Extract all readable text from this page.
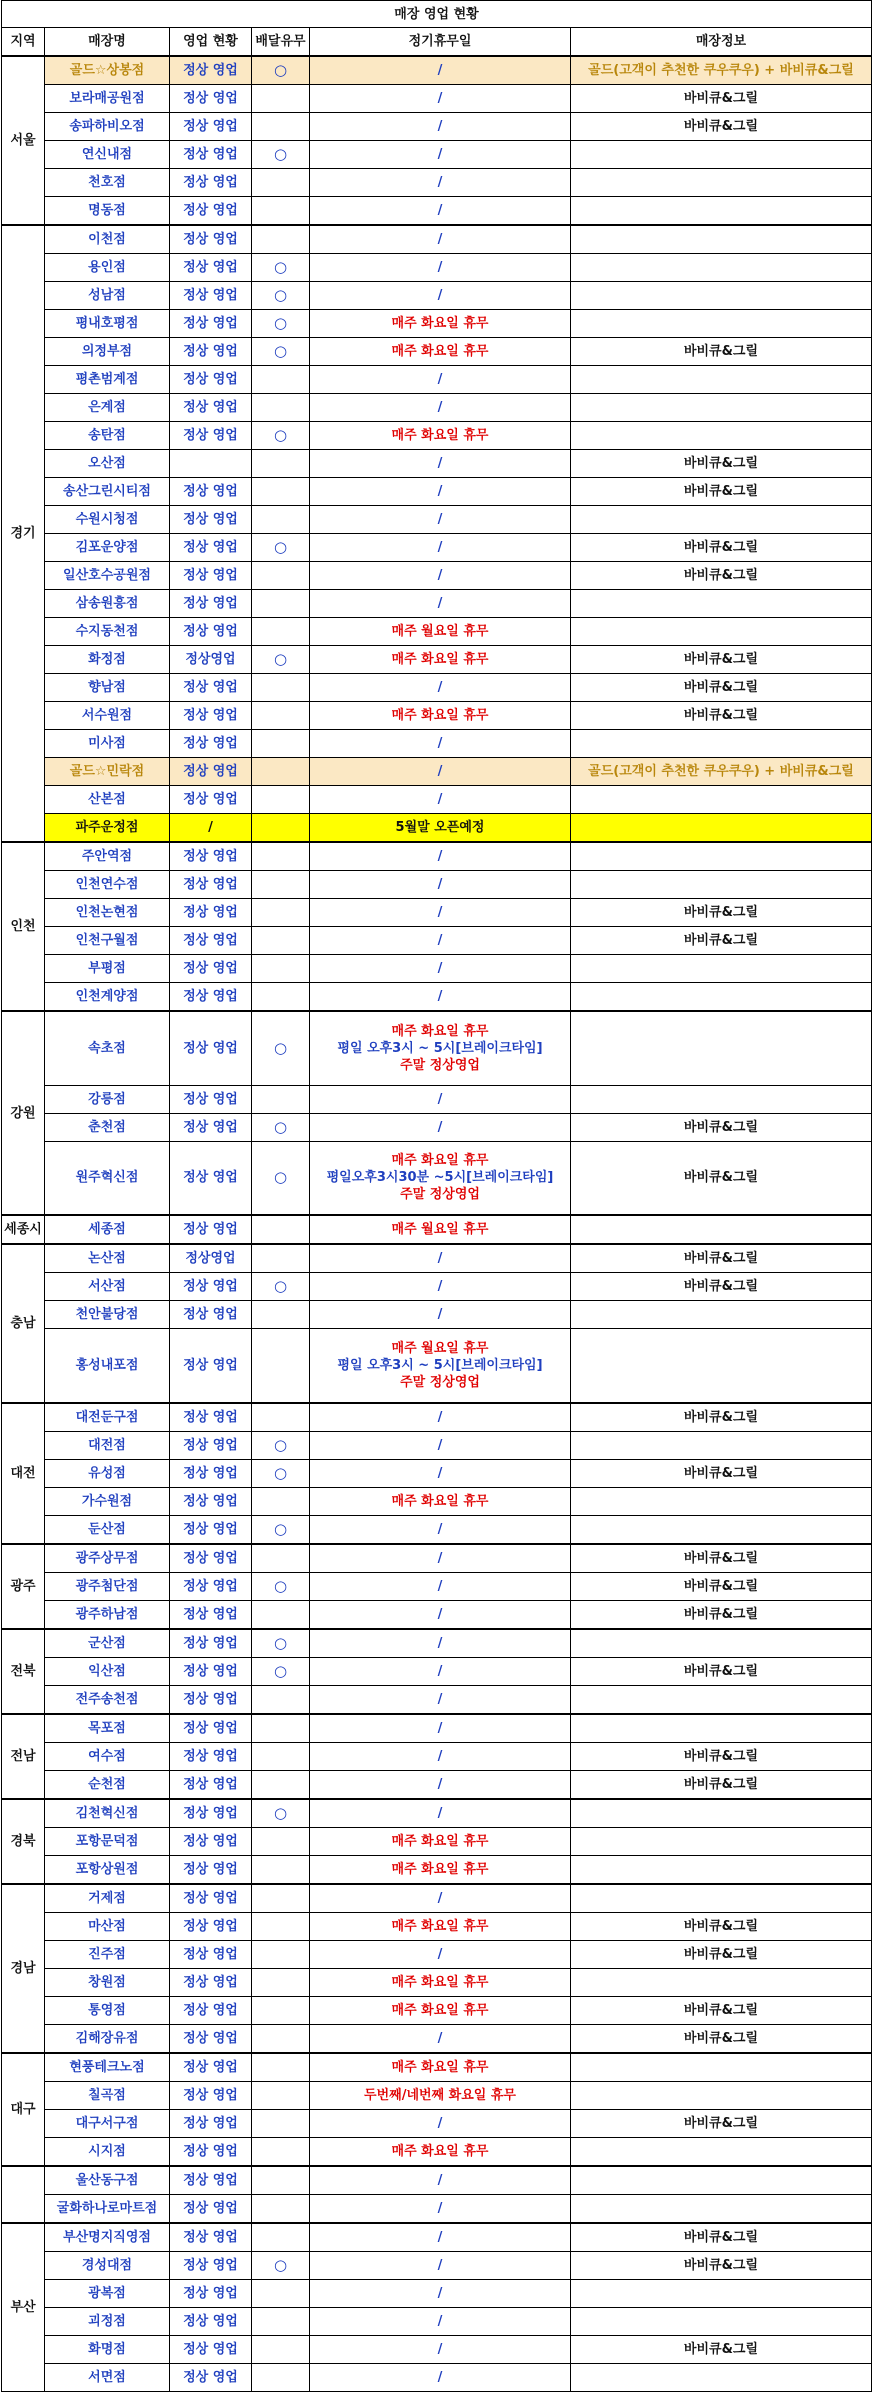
매장 영업 현황					
지역	매장명	영업 현황	배달유무	정기휴무일	매장정보
서울	골드☆상봉점	정상 영업	○	/	골드(고객이 추천한 쿠우쿠우) + 바비큐&그릴
	보라매공원점	정상 영업		/	바비큐&그릴
	송파하비오점	정상 영업		/	바비큐&그릴
	연신내점	정상 영업	○	/	
	천호점	정상 영업		/	
	명동점	정상 영업		/	
경기	이천점	정상 영업		/	
	용인점	정상 영업	○	/	
	성남점	정상 영업	○	/	
	평내호평점	정상 영업	○	매주 화요일 휴무	
	의정부점	정상 영업	○	매주 화요일 휴무	바비큐&그릴
	평촌범계점	정상 영업		/	
	은계점	정상 영업		/	
	송탄점	정상 영업	○	매주 화요일 휴무	
	오산점			/	바비큐&그릴
	송산그린시티점	정상 영업		/	바비큐&그릴
	수원시청점	정상 영업		/	
	김포운양점	정상 영업	○	/	바비큐&그릴
	일산호수공원점	정상 영업		/	바비큐&그릴
	삼송원흥점	정상 영업		/	
	수지동천점	정상 영업		매주 월요일 휴무	
	화정점	정상영업	○	매주 화요일 휴무	바비큐&그릴
	향남점	정상 영업		/	바비큐&그릴
	서수원점	정상 영업		매주 화요일 휴무	바비큐&그릴
	미사점	정상 영업		/	
	골드☆민락점	정상 영업		/	골드(고객이 추천한 쿠우쿠우) + 바비큐&그릴
	산본점	정상 영업		/	
	파주운정점	/		5월말 오픈예정	
인천	주안역점	정상 영업		/	
	인천연수점	정상 영업		/	
	인천논현점	정상 영업		/	바비큐&그릴
	인천구월점	정상 영업		/	바비큐&그릴
	부평점	정상 영업		/	
	인천계양점	정상 영업		/	
강원	속초점	정상 영업	○	매주 화요일 휴무
평일 오후3시 ~ 5시[브레이크타임]
주말 정상영업	

	강릉점	정상 영업		/	
	춘천점	정상 영업	○	/	바비큐&그릴
	원주혁신점	정상 영업	○	매주 화요일 휴무
평일오후3시30분 ~5시[브레이크타임]
주말 정상영업	바비큐&그릴
세종시	세종점	정상 영업		매주 월요일 휴무	
충남	논산점	정상영업		/	바비큐&그릴
	서산점	정상 영업	○	/	바비큐&그릴
	천안불당점	정상 영업		/	
	홍성내포점	정상 영업		매주 월요일 휴무
평일 오후3시 ~ 5시[브레이크타임]
주말 정상영업	

대전	대전둔구점	정상 영업		/	바비큐&그릴
	대전점	정상 영업	○	/	
	유성점	정상 영업	○	/	바비큐&그릴
	가수원점	정상 영업		매주 화요일 휴무	
	둔산점	정상 영업	○	/	
광주	광주상무점	정상 영업		/	바비큐&그릴
	광주첨단점	정상 영업	○	/	바비큐&그릴
	광주하남점	정상 영업		/	바비큐&그릴
전북	군산점	정상 영업	○	/	
	익산점	정상 영업	○	/	바비큐&그릴
	전주송천점	정상 영업		/	
전남	목포점	정상 영업		/	
	여수점	정상 영업		/	바비큐&그릴
	순천점	정상 영업		/	바비큐&그릴
경북	김천혁신점	정상 영업	○	/	
	포항문덕점	정상 영업		매주 화요일 휴무	
	포항상원점	정상 영업		매주 화요일 휴무	
경남	거제점	정상 영업		/	
	마산점	정상 영업		매주 화요일 휴무	바비큐&그릴
	진주점	정상 영업		/	바비큐&그릴
	창원점	정상 영업		매주 화요일 휴무	
	통영점	정상 영업		매주 화요일 휴무	바비큐&그릴
	김해장유점	정상 영업		/	바비큐&그릴
대구	현풍테크노점	정상 영업		매주 화요일 휴무	
	칠곡점	정상 영업		두번째/네번째 화요일 휴무	
	대구서구점	정상 영업		/	바비큐&그릴
	시지점	정상 영업		매주 화요일 휴무	
	울산동구점	정상 영업		/	
	굴화하나로마트점	정상 영업		/	
부산	부산명지직영점	정상 영업		/	바비큐&그릴
	경성대점	정상 영업	○	/	바비큐&그릴
	광복점	정상 영업		/	
	괴정점	정상 영업		/	
	화명점	정상 영업		/	바비큐&그릴
	서면점	정상 영업		/	
